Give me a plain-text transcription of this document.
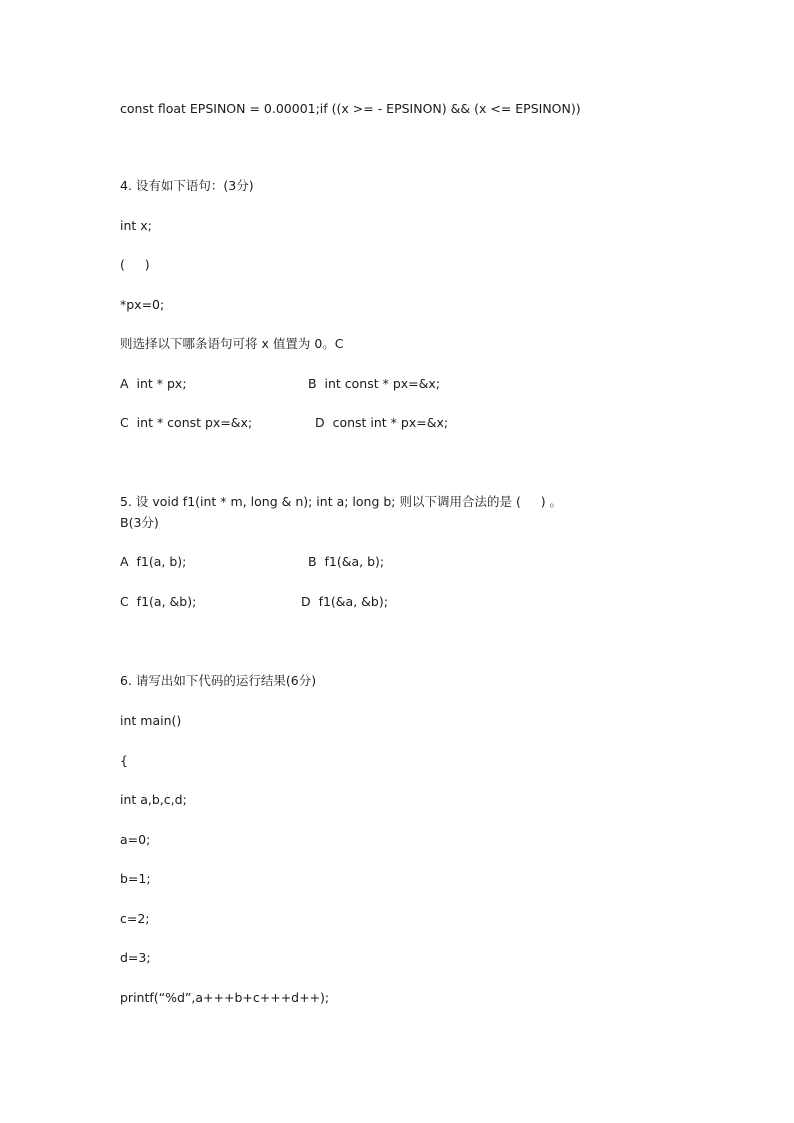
const float EPSINON = 0.00001;if ((x >= - EPSINON) && (x <= EPSINON))
4. 设有如下语句：(3分)
int x;
(     )
*px=0;
则选择以下哪条语句可将 x 值置为 0。C
A  int * px;	B  int const * px=&x;
C  int * const px=&x;	D  const int * px=&x;
5. 设 void f1(int * m, long & n); int a; long b; 则以下调用合法的是 (     ) 。
B(3分)
A  f1(a, b);	B  f1(&a, b);
C  f1(a, &b);	D  f1(&a, &b);
6. 请写出如下代码的运行结果(6分)
int main()
{
int a,b,c,d;
a=0;
b=1;
c=2;
d=3;
printf(“%d”,a+++b+c+++d++);
